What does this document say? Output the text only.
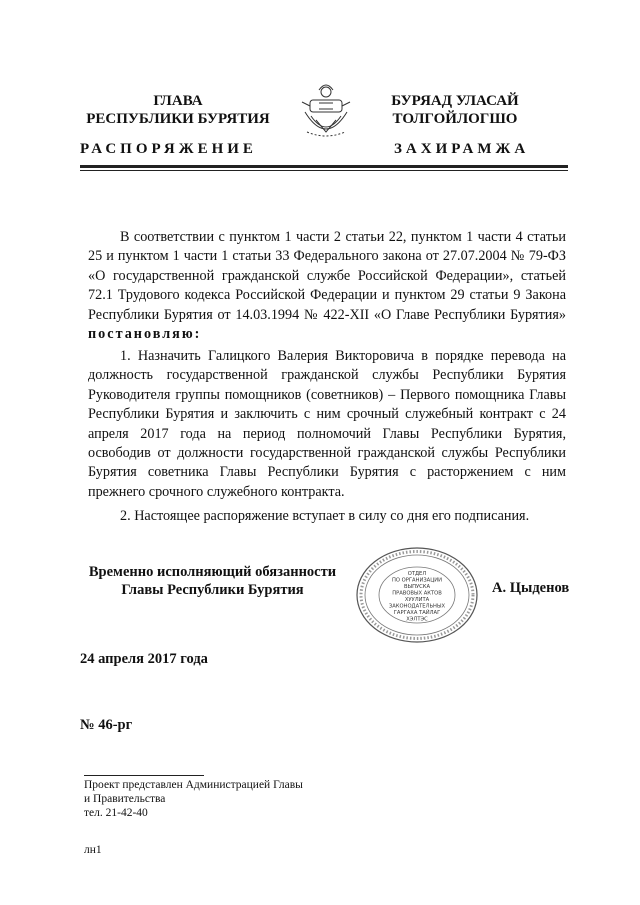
ГЛАВА
РЕСПУБЛИКИ БУРЯТИЯ
БУРЯАД УЛАСАЙ
ТОЛГОЙЛОГШО
РАСПОРЯЖЕНИЕ	ЗАХИРАМЖА
В соответствии с пунктом 1 части 2 статьи 22, пунктом 1 части 4 статьи 25 и пунктом 1 части 1 статьи 33 Федерального закона от 27.07.2004 № 79-ФЗ «О государственной гражданской службе Российской Федерации», статьей 72.1 Трудового кодекса Российской Федерации и пунктом 29 статьи 9 Закона Республики Бурятия от 14.03.1994 № 422-XII «О Главе Республики Бурятия» постановляю:
1. Назначить Галицкого Валерия Викторовича в порядке перевода на должность государственной гражданской службы Республики Бурятия Руководителя группы помощников (советников) – Первого помощника Главы Республики Бурятия и заключить с ним срочный служебный контракт с 24 апреля 2017 года на период полномочий Главы Республики Бурятия, освободив от должности государственной гражданской службы Республики Бурятия советника Главы Республики Бурятия с расторжением с ним прежнего срочного служебного контракта.
2. Настоящее распоряжение вступает в силу со дня его подписания.
Временно исполняющий обязанности
Главы Республики Бурятия
ОТДЕЛ
ПО ОРГАНИЗАЦИИ
ВЫПУСКА
ПРАВОВЫХ АКТОВ
ХУУЛИТА
ЗАКОНОДАТЕЛЬНЫХ
ГАРГАХА ТАЙЛАГ
ХЭЛТЭС
А. Цыденов
24 апреля 2017 года
№ 46-рг
Проект представлен Администрацией Главы
и Правительства
тел. 21-42-40
лн1
